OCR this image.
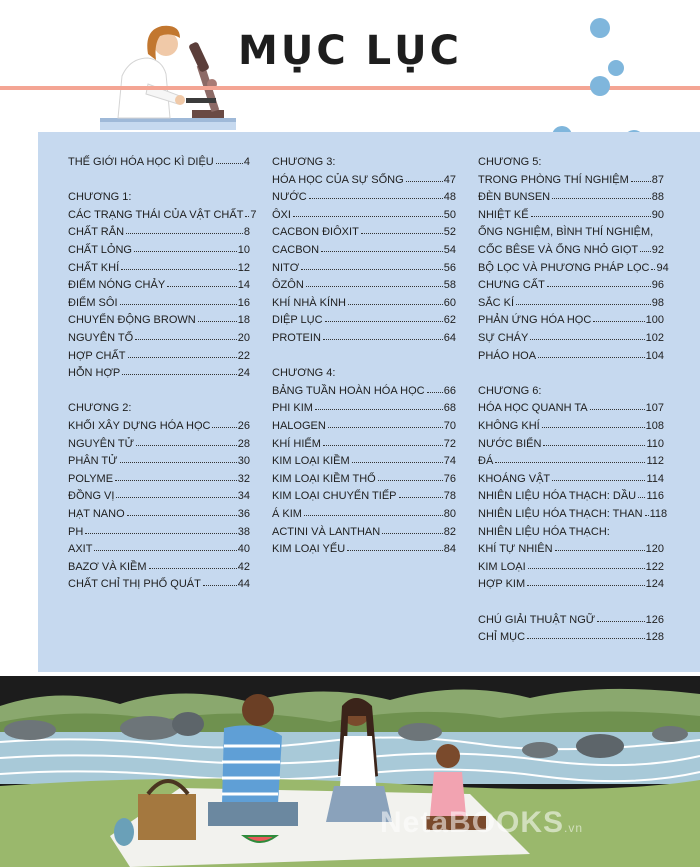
MỤC LỤC
THẾ GIỚI HÓA HỌC KÌ DIỆU	4
CHƯƠNG 1:
CÁC TRẠNG THÁI CỦA VẬT CHẤT 7
CHẤT RẮN	8
CHẤT LỎNG	10
CHẤT KHÍ	12
ĐIỂM NÓNG CHẢY	14
ĐIỂM SÔI	16
CHUYỂN ĐỘNG BROWN	18
NGUYÊN TỐ	20
HỢP CHẤT	22
HỖN HỢP	24
CHƯƠNG 2:
KHỐI XÂY DỰNG HÓA HỌC 26
NGUYÊN TỬ	28
PHÂN TỬ	30
POLYME	32
ĐỒNG VỊ	34
HẠT NANO	36
PH	38
AXIT	40
BAZƠ VÀ KIỀM	42
CHẤT CHỈ THỊ PHỔ QUÁT	44
CHƯƠNG 3:
HÓA HỌC CỦA SỰ SỐNG	47
NƯỚC	48
ÔXI	50
CACBON ĐIÔXIT	52
CACBON	54
NITƠ	56
ÔZÔN	58
KHÍ NHÀ KÍNH	60
DIỆP LỤC	62
PROTEIN	64
CHƯƠNG 4:
BẢNG TUẦN HOÀN HÓA HỌC 66
PHI KIM	68
HALOGEN	70
KHÍ HIẾM	72
KIM LOẠI KIỀM	74
KIM LOẠI KIỀM THỔ	76
KIM LOẠI CHUYỂN TIẾP	78
Á KIM	80
ACTINI VÀ LANTHAN	82
KIM LOẠI YẾU	84
CHƯƠNG 5:
TRONG PHÒNG THÍ NGHIỆM 87
ĐÈN BUNSEN	88
NHIỆT KẾ	90
ỐNG NGHIỆM, BÌNH THÍ NGHIỆM,
CỐC BÊSE VÀ ỐNG NHỎ GIỌT 92
BỘ LỌC VÀ PHƯƠNG PHÁP LỌC 94
CHƯNG CẤT	96
SẮC KÍ	98
PHẢN ỨNG HÓA HỌC	100
SỰ CHÁY	102
PHÁO HOA	104
CHƯƠNG 6:
HÓA HỌC QUANH TA	107
KHÔNG KHÍ	108
NƯỚC BIỂN	110
ĐÁ	112
KHOÁNG VẬT	114
NHIÊN LIỆU HÓA THẠCH: DẦU 116
NHIÊN LIỆU HÓA THẠCH: THAN 118
NHIÊN LIỆU HÓA THẠCH:
KHÍ TỰ NHIÊN	120
KIM LOẠI	122
HỢP KIM	124
CHÚ GIẢI THUẬT NGỮ	126
CHỈ MỤC	128
NetaBOOKS.vn
